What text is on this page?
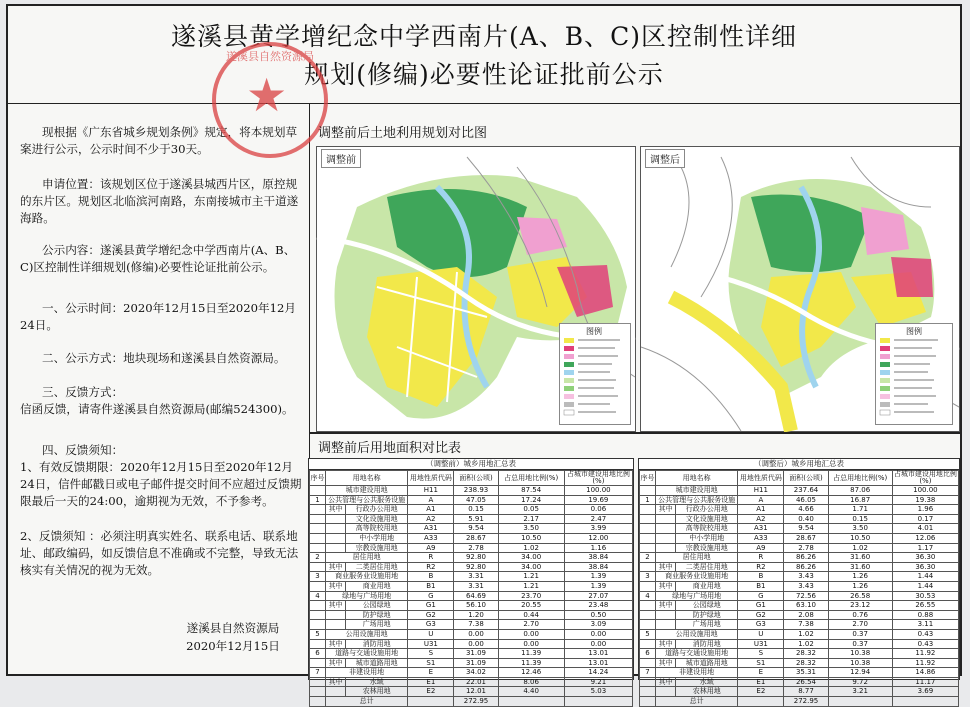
遂溪县黄学增纪念中学西南片(A、B、C)区控制性详细
规划(修编)必要性论证批前公示
现根据《广东省城乡规划条例》规定，将本规划草案进行公示，公示时间不少于30天。
申请位置：该规划区位于遂溪县城西片区，原控规的东片区。规划区北临滨河南路，东南接城市主干道遂海路。
公示内容：遂溪县黄学增纪念中学西南片(A、B、C)区控制性详细规划(修编)必要性论证批前公示。
一、公示时间：2020年12月15日至2020年12月24日。
二、公示方式：地块现场和遂溪县自然资源局。
三、反馈方式：
信函反馈，请寄件遂溪县自然资源局(邮编524300)。
四、反馈须知：
1、有效反馈期限：2020年12月15日至2020年12月24日，信件邮戳日或电子邮件提交时间不应超过反馈期限最后一天的24:00，逾期视为无效，不予参考。
2、反馈须知 ：必须注明真实姓名、联系电话、联系地址、邮政编码，如反馈信息不准确或不完整，导致无法核实有关情况的视为无效。
遂溪县自然资源局
2020年12月15日
遂溪县自然资源局
★
调整前后土地利用规划对比图
调整前
图例
调整后
图例
调整前后用地面积对比表
（调整前）城乡用地汇总表
序号	用地名称		用地性质代码	面积(公顷)	占总用地比例(%)	占城市建设用地比例(%)
	城市建设用地		H11	238.93	87.54	100.00
1	公共管理与公共服务设施		A	47.05	17.24	19.69
	其中	行政办公用地	A1	0.15	0.05	0.06
		文化设施用地	A2	5.91	2.17	2.47
		高等院校用地	A31	9.54	3.50	3.99
		中小学用地	A33	28.67	10.50	12.00
		宗教设施用地	A9	2.78	1.02	1.16
2	居住用地		R	92.80	34.00	38.84
	其中	二类居住用地	R2	92.80	34.00	38.84
3	商业服务业设施用地		B	3.31	1.21	1.39
	其中	商业用地	B1	3.31	1.21	1.39
4	绿地与广场用地		G	64.69	23.70	27.07
	其中	公园绿地	G1	56.10	20.55	23.48
		防护绿地	G2	1.20	0.44	0.50
		广场用地	G3	7.38	2.70	3.09
5	公用设施用地		U	0.00	0.00	0.00
	其中	消防用地	U31	0.00	0.00	0.00
6	道路与交通设施用地		S	31.09	11.39	13.01
	其中	城市道路用地	S1	31.09	11.39	13.01
7	非建设用地		E	34.02	12.46	14.24
	其中	水域	E1	22.01	8.06	9.21
		农林用地	E2	12.01	4.40	5.03
	总计			272.95		
（调整后）城乡用地汇总表
序号	用地名称		用地性质代码	面积(公顷)	占总用地比例(%)	占城市建设用地比例(%)
	城市建设用地		H11	237.64	87.06	100.00
1	公共管理与公共服务设施		A	46.05	16.87	19.38
	其中	行政办公用地	A1	4.66	1.71	1.96
		文化设施用地	A2	0.40	0.15	0.17
		高等院校用地	A31	9.54	3.50	4.01
		中小学用地	A33	28.67	10.50	12.06
		宗教设施用地	A9	2.78	1.02	1.17
2	居住用地		R	86.26	31.60	36.30
	其中	二类居住用地	R2	86.26	31.60	36.30
3	商业服务业设施用地		B	3.43	1.26	1.44
	其中	商业用地	B1	3.43	1.26	1.44
4	绿地与广场用地		G	72.56	26.58	30.53
	其中	公园绿地	G1	63.10	23.12	26.55
		防护绿地	G2	2.08	0.76	0.88
		广场用地	G3	7.38	2.70	3.11
5	公用设施用地		U	1.02	0.37	0.43
	其中	消防用地	U31	1.02	0.37	0.43
6	道路与交通设施用地		S	28.32	10.38	11.92
	其中	城市道路用地	S1	28.32	10.38	11.92
7	非建设用地		E	35.31	12.94	14.86
	其中	水域	E1	26.54	9.72	11.17
		农林用地	E2	8.77	3.21	3.69
	总计			272.95		
